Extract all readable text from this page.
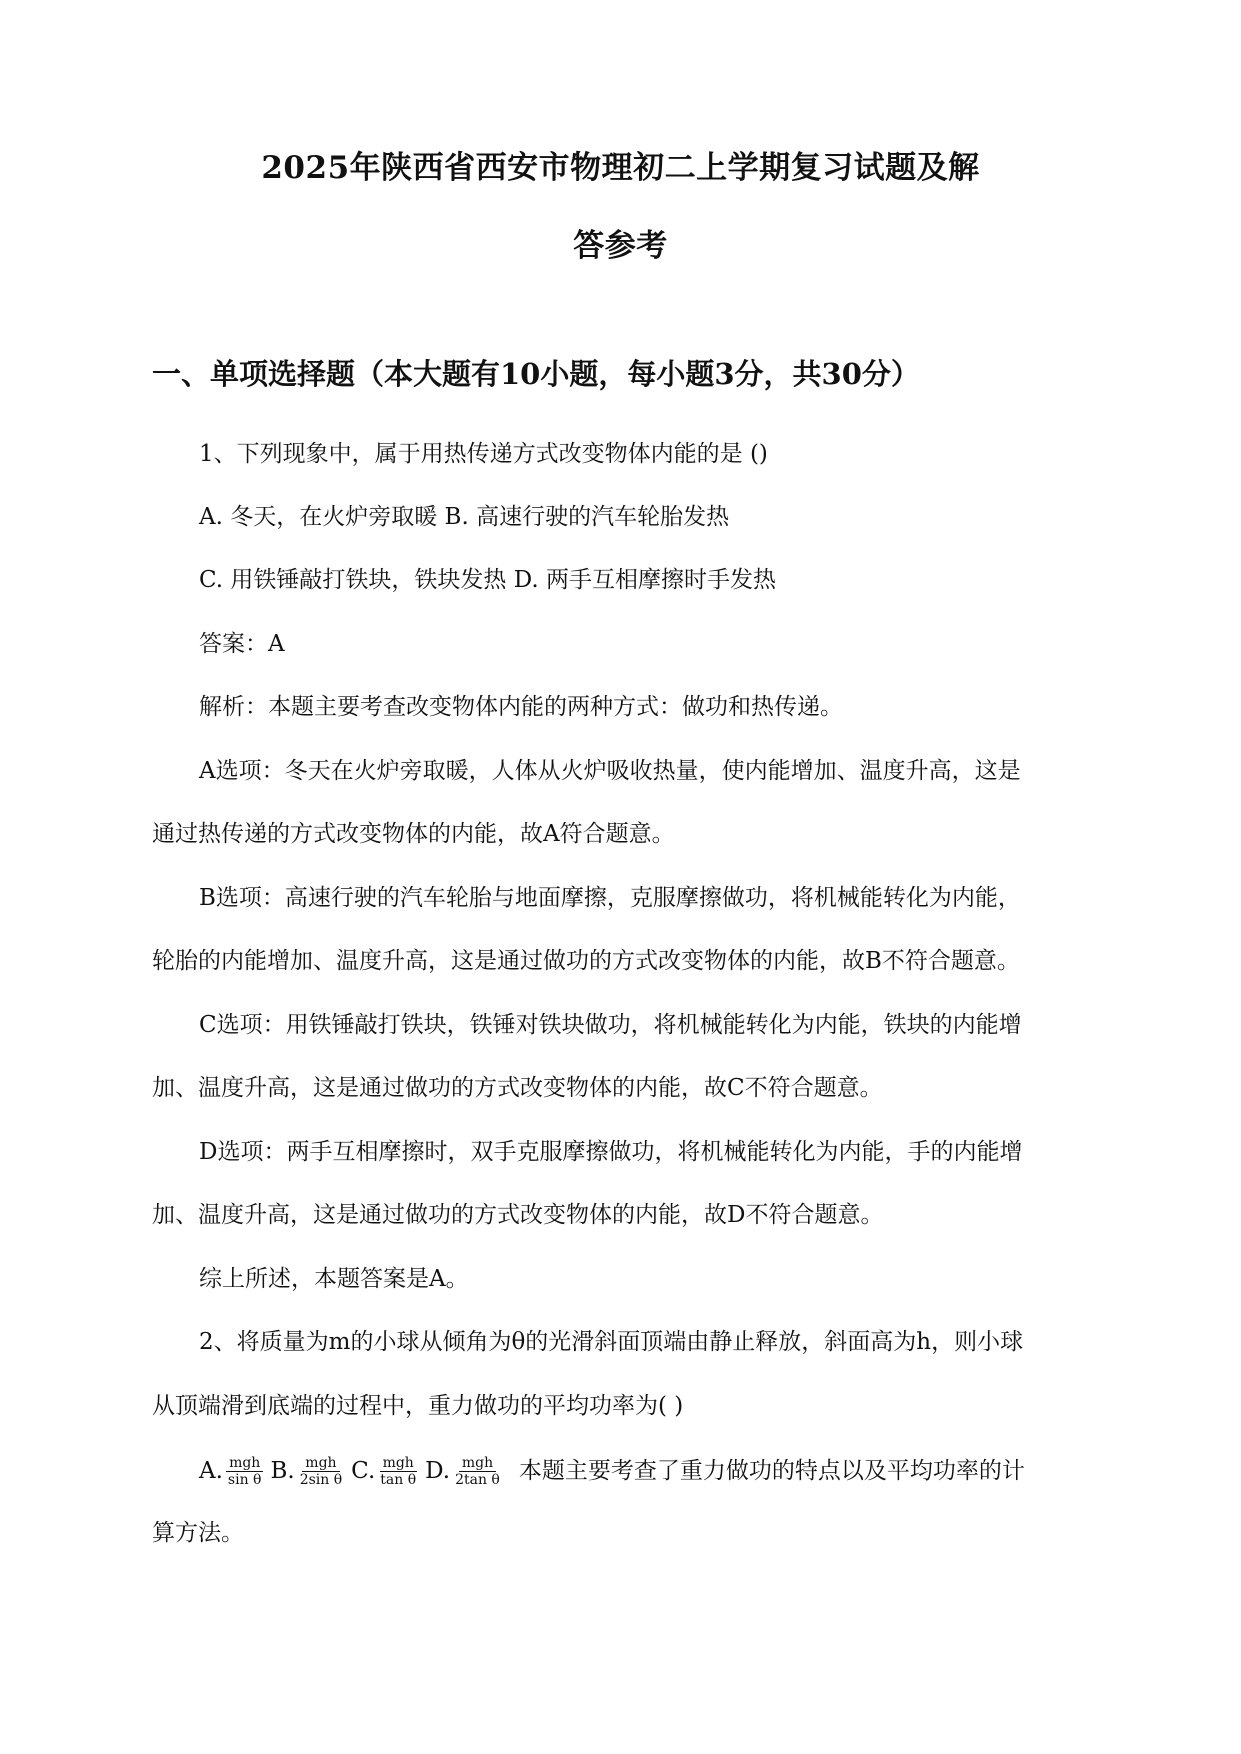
2025年陕西省西安市物理初二上学期复习试题及解
答参考
一、单项选择题（本大题有10小题，每小题3分，共30分）
1、下列现象中，属于用热传递方式改变物体内能的是 ()
A. 冬天，在火炉旁取暖 B. 高速行驶的汽车轮胎发热
C. 用铁锤敲打铁块，铁块发热 D. 两手互相摩擦时手发热
答案：A
解析：本题主要考查改变物体内能的两种方式：做功和热传递。
A选项：冬天在火炉旁取暖，人体从火炉吸收热量，使内能增加、温度升高，这是
通过热传递的方式改变物体的内能，故A符合题意。
B选项：高速行驶的汽车轮胎与地面摩擦，克服摩擦做功，将机械能转化为内能，
轮胎的内能增加、温度升高，这是通过做功的方式改变物体的内能，故B不符合题意。
C选项：用铁锤敲打铁块，铁锤对铁块做功，将机械能转化为内能，铁块的内能增
加、温度升高，这是通过做功的方式改变物体的内能，故C不符合题意。
D选项：两手互相摩擦时，双手克服摩擦做功，将机械能转化为内能，手的内能增
加、温度升高，这是通过做功的方式改变物体的内能，故D不符合题意。
综上所述，本题答案是A。
2、将质量为m的小球从倾角为θ的光滑斜面顶端由静止释放，斜面高为h，则小球
从顶端滑到底端的过程中，重力做功的平均功率为( )
A. $\frac{\text{mgh}}{\text{sin θ}} B$. $\frac{\text{mgh}}{\text{2sin θ}} C$. $\frac{\text{mgh}}{\text{tan θ}} D$. $\frac{\text{mgh}}{\text{2tan θ}}$ 本题主要考查了重力做功的特点以及平均功率的计
算方法。
